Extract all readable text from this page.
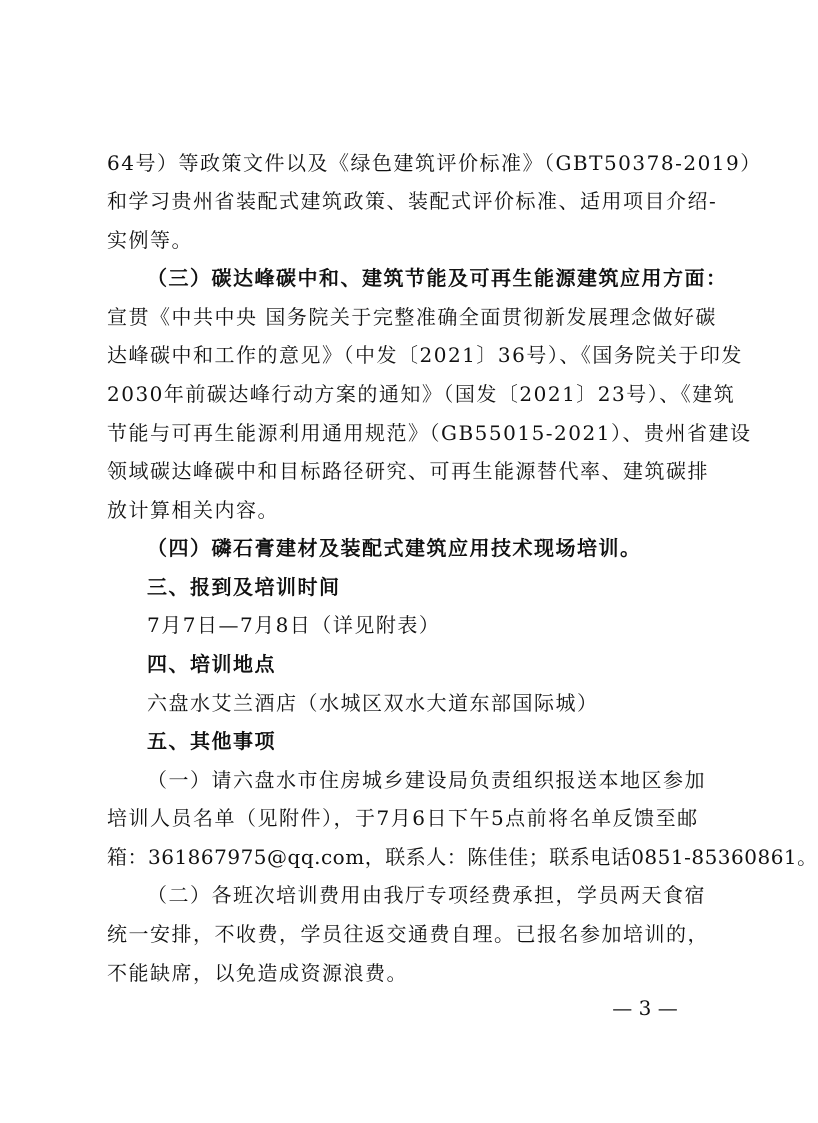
64号）等政策文件以及《绿色建筑评价标准》（GBT50378-2019）
和学习贵州省装配式建筑政策、装配式评价标准、适用项目介绍-
实例等。
（三）碳达峰碳中和、建筑节能及可再生能源建筑应用方面：
宣贯《中共中央 国务院关于完整准确全面贯彻新发展理念做好碳
达峰碳中和工作的意见》（中发〔2021〕36号）、《国务院关于印发
2030年前碳达峰行动方案的通知》（国发〔2021〕23号）、《建筑
节能与可再生能源利用通用规范》（GB55015-2021）、贵州省建设
领域碳达峰碳中和目标路径研究、可再生能源替代率、建筑碳排
放计算相关内容。
（四）磷石膏建材及装配式建筑应用技术现场培训。
三、报到及培训时间
7月7日—7月8日（详见附表）
四、培训地点
六盘水艾兰酒店（水城区双水大道东部国际城）
五、其他事项
（一）请六盘水市住房城乡建设局负责组织报送本地区参加
培训人员名单（见附件），于7月6日下午5点前将名单反馈至邮
箱：361867975@qq.com，联系人：陈佳佳；联系电话0851-85360861。
（二）各班次培训费用由我厅专项经费承担，学员两天食宿
统一安排，不收费，学员往返交通费自理。已报名参加培训的，
不能缺席，以免造成资源浪费。
— 3 —
